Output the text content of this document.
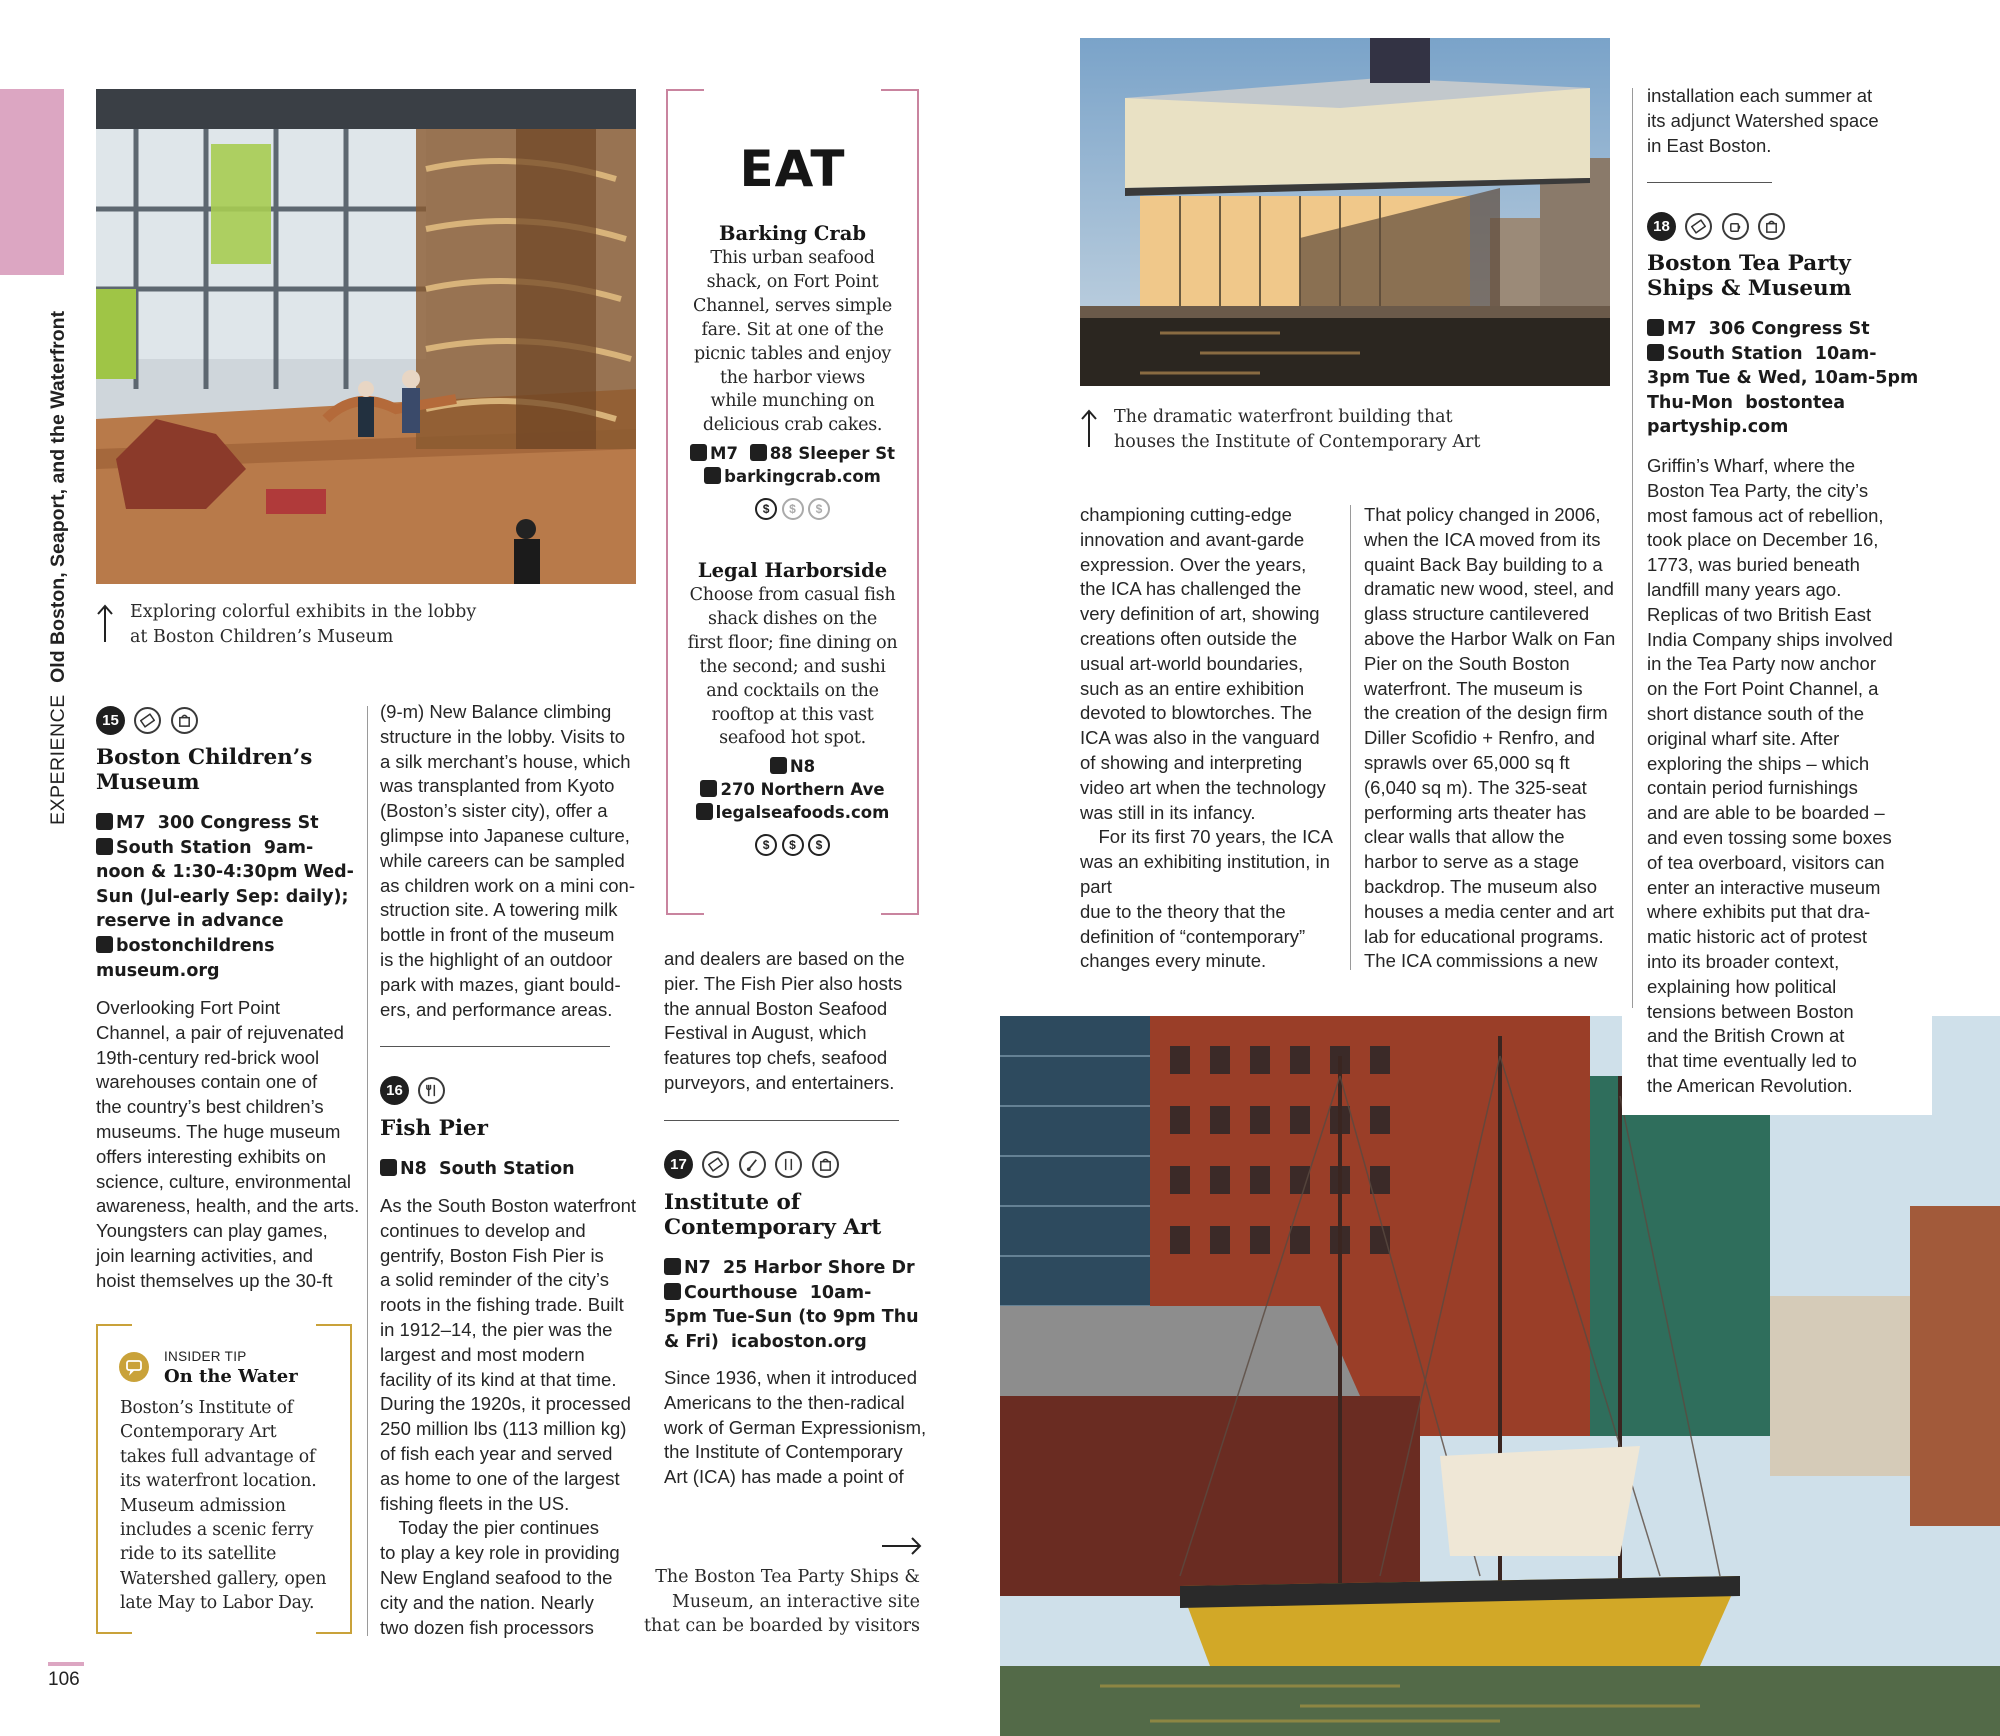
EXPERIENCE Old Boston, Seaport, and the Waterfront
106
Exploring colorful exhibits in the lobby
at Boston Children’s Museum
EAT
Barking Crab
This urban seafood
shack, on Fort Point
Channel, serves simple
fare. Sit at one of the
picnic tables and enjoy
the harbor views
while munching on
delicious crab cakes.
M7 88 Sleeper St
barkingcrab.com
$ $ $
Legal Harborside
Choose from casual fish
shack dishes on the
first floor; fine dining on
the second; and sushi
and cocktails on the
rooftop at this vast
seafood hot spot.
N8
270 Northern Ave
legalseafoods.com
$ $ $
15
Boston Children’s
Museum
M7  300 Congress St
South Station  9am-
noon & 1:30-4:30pm Wed-
Sun (Jul-early Sep: daily);
reserve in advance
bostonchildrens
museum.org
Overlooking Fort Point
Channel, a pair of rejuvenated
19th-century red-brick wool
warehouses contain one of
the country’s best children’s
museums. The huge museum
offers interesting exhibits on
science, culture, environmental
awareness, health, and the arts.
Youngsters can play games,
join learning activities, and
hoist themselves up the 30-ft
INSIDER TIP
On the Water
Boston’s Institute of
Contemporary Art
takes full advantage of
its waterfront location.
Museum admission
includes a scenic ferry
ride to its satellite
Watershed gallery, open
late May to Labor Day.
(9-m) New Balance climbing
structure in the lobby. Visits to
a silk merchant’s house, which
was transplanted from Kyoto
(Boston’s sister city), offer a
glimpse into Japanese culture,
while careers can be sampled
as children work on a mini con-
struction site. A towering milk
bottle in front of the museum
is the highlight of an outdoor
park with mazes, giant bould-
ers, and performance areas.
16
Fish Pier
N8  South Station
As the South Boston waterfront
continues to develop and
gentrify, Boston Fish Pier is
a solid reminder of the city’s
roots in the fishing trade. Built
in 1912–14, the pier was the
largest and most modern
facility of its kind at that time.
During the 1920s, it processed
250 million lbs (113 million kg)
of fish each year and served
as home to one of the largest
fishing fleets in the US.
 Today the pier continues
to play a key role in providing
New England seafood to the
city and the nation. Nearly
two dozen fish processors
and dealers are based on the
pier. The Fish Pier also hosts
the annual Boston Seafood
Festival in August, which
features top chefs, seafood
purveyors, and entertainers.
17
Institute of
Contemporary Art
N7  25 Harbor Shore Dr
Courthouse  10am-
5pm Tue-Sun (to 9pm Thu
& Fri)  icaboston.org
Since 1936, when it introduced
Americans to the then-radical
work of German Expressionism,
the Institute of Contemporary
Art (ICA) has made a point of
The Boston Tea Party Ships &
Museum, an interactive site
that can be boarded by visitors
The dramatic waterfront building that
houses the Institute of Contemporary Art
championing cutting-edge
innovation and avant-garde
expression. Over the years,
the ICA has challenged the
very definition of art, showing
creations often outside the
usual art-world boundaries,
such as an entire exhibition
devoted to blowtorches. The
ICA was also in the vanguard
of showing and interpreting
video art when the technology
was still in its infancy.
 For its first 70 years, the ICA
was an exhibiting institution, in part
due to the theory that the
definition of “contemporary”
changes every minute.
That policy changed in 2006,
when the ICA moved from its
quaint Back Bay building to a
dramatic new wood, steel, and
glass structure cantilevered
above the Harbor Walk on Fan
Pier on the South Boston
waterfront. The museum is
the creation of the design firm
Diller Scofidio + Renfro, and
sprawls over 65,000 sq ft
(6,040 sq m). The 325-seat
performing arts theater has
clear walls that allow the
harbor to serve as a stage
backdrop. The museum also
houses a media center and art
lab for educational programs.
The ICA commissions a new
installation each summer at
its adjunct Watershed space
in East Boston.
18
Boston Tea Party
Ships & Museum
M7  306 Congress St
South Station  10am-
3pm Tue & Wed, 10am-5pm
Thu-Mon  bostontea
partyship.com
Griffin’s Wharf, where the
Boston Tea Party, the city’s
most famous act of rebellion,
took place on December 16,
1773, was buried beneath
landfill many years ago.
Replicas of two British East
India Company ships involved
in the Tea Party now anchor
on the Fort Point Channel, a
short distance south of the
original wharf site. After
exploring the ships – which
contain period furnishings
and are able to be boarded –
and even tossing some boxes
of tea overboard, visitors can
enter an interactive museum
where exhibits put that dra-
matic historic act of protest
into its broader context,
explaining how political
tensions between Boston
and the British Crown at
that time eventually led to
the American Revolution.
